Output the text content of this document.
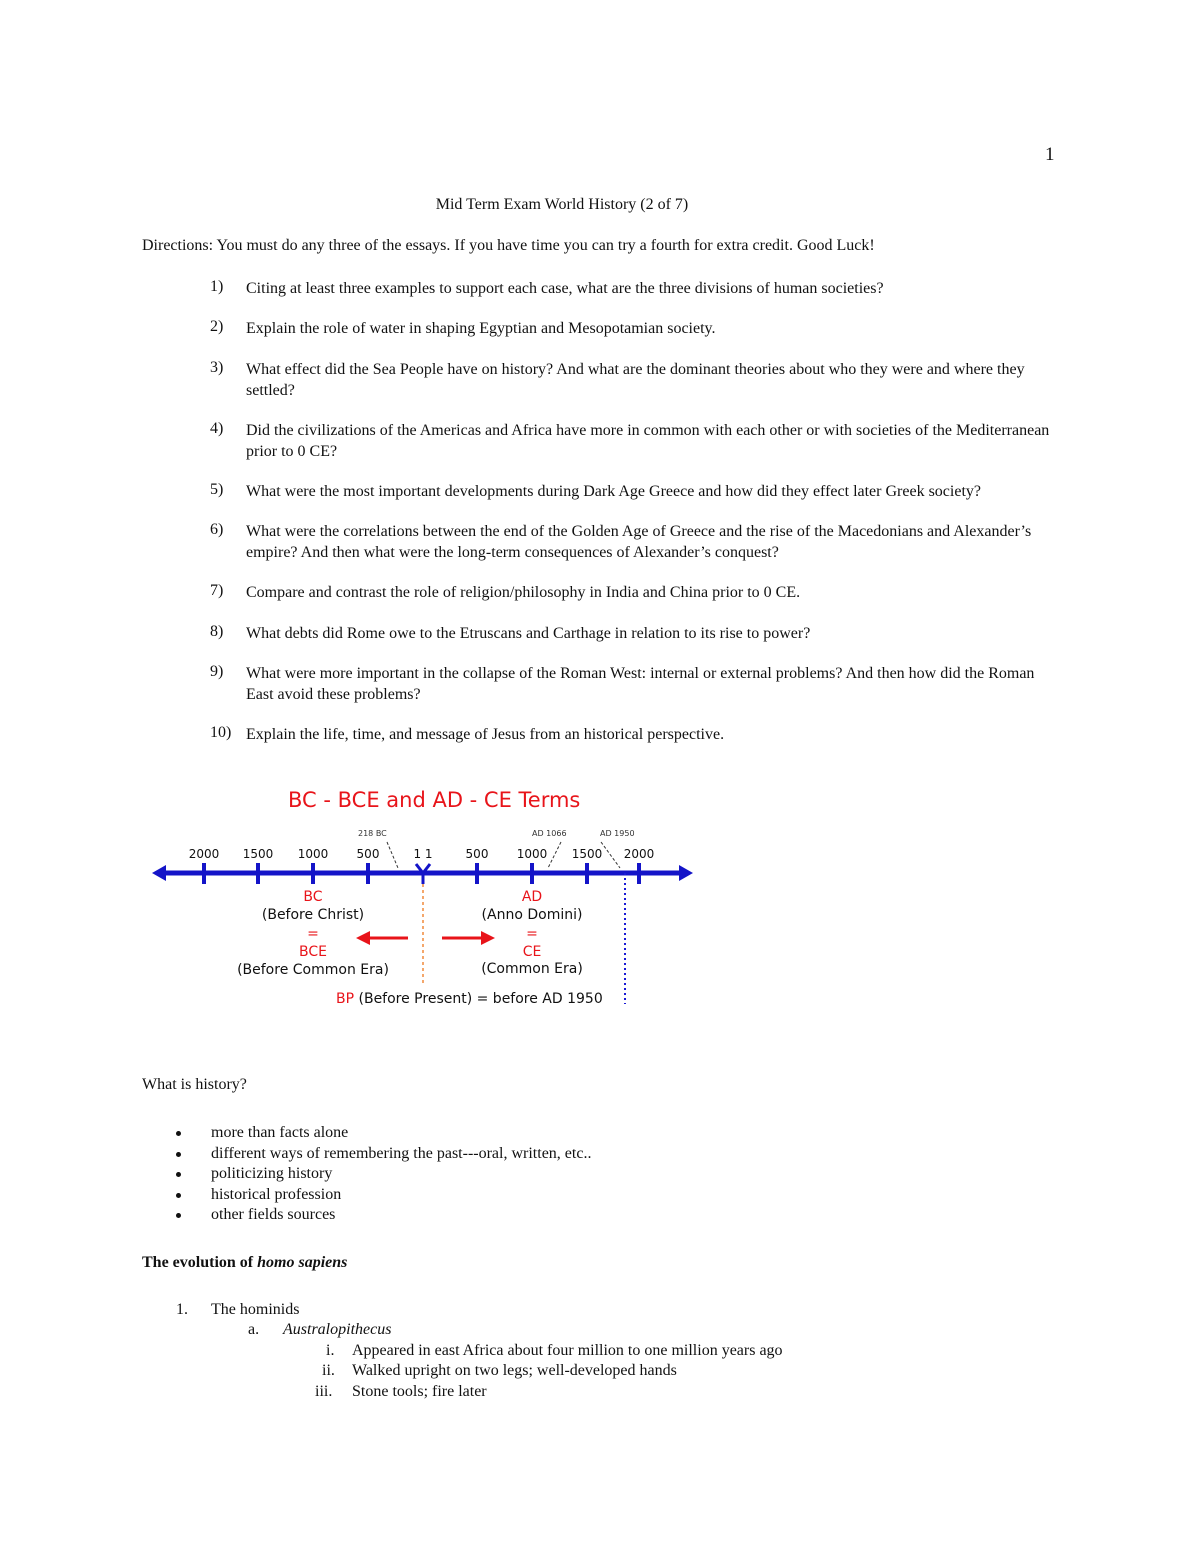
1
Mid Term Exam World History (2 of 7)
Directions: You must do any three of the essays. If you have time you can try a fourth for extra credit. Good Luck!
1) Citing at least three examples to support each case, what are the three divisions of human societies?
2) Explain the role of water in shaping Egyptian and Mesopotamian society.
3) What effect did the Sea People have on history? And what are the dominant theories about who they were and where they settled?
4) Did the civilizations of the Americas and Africa have more in common with each other or with societies of the Mediterranean prior to 0 CE?
5) What were the most important developments during Dark Age Greece and how did they effect later Greek society?
6) What were the correlations between the end of the Golden Age of Greece and the rise of the Macedonians and Alexander’s empire? And then what were the long-term consequences of Alexander’s conquest?
7) Compare and contrast the role of religion/philosophy in India and China prior to 0 CE.
8) What debts did Rome owe to the Etruscans and Carthage in relation to its rise to power?
9) What were more important in the collapse of the Roman West: internal or external problems? And then how did the Roman East avoid these problems?
10) Explain the life, time, and message of Jesus from an historical perspective.
BC - BCE and AD - CE Terms
218 BC	AD 1066	AD 1950
2000 1500 1000 500	1 1	500 1000 1500 2000
BC
(Before Christ)
=
BCE
(Before Common Era)
AD
(Anno Domini)
=
CE
(Common Era)
BP (Before Present) = before AD 1950
What is history?
more than facts alone
different ways of remembering the past---oral, written, etc..
politicizing history
historical profession
other fields sources
The evolution of homo sapiens
1. The hominids
a. Australopithecus
i. Appeared in east Africa about four million to one million years ago
ii. Walked upright on two legs; well-developed hands
iii. Stone tools; fire later
